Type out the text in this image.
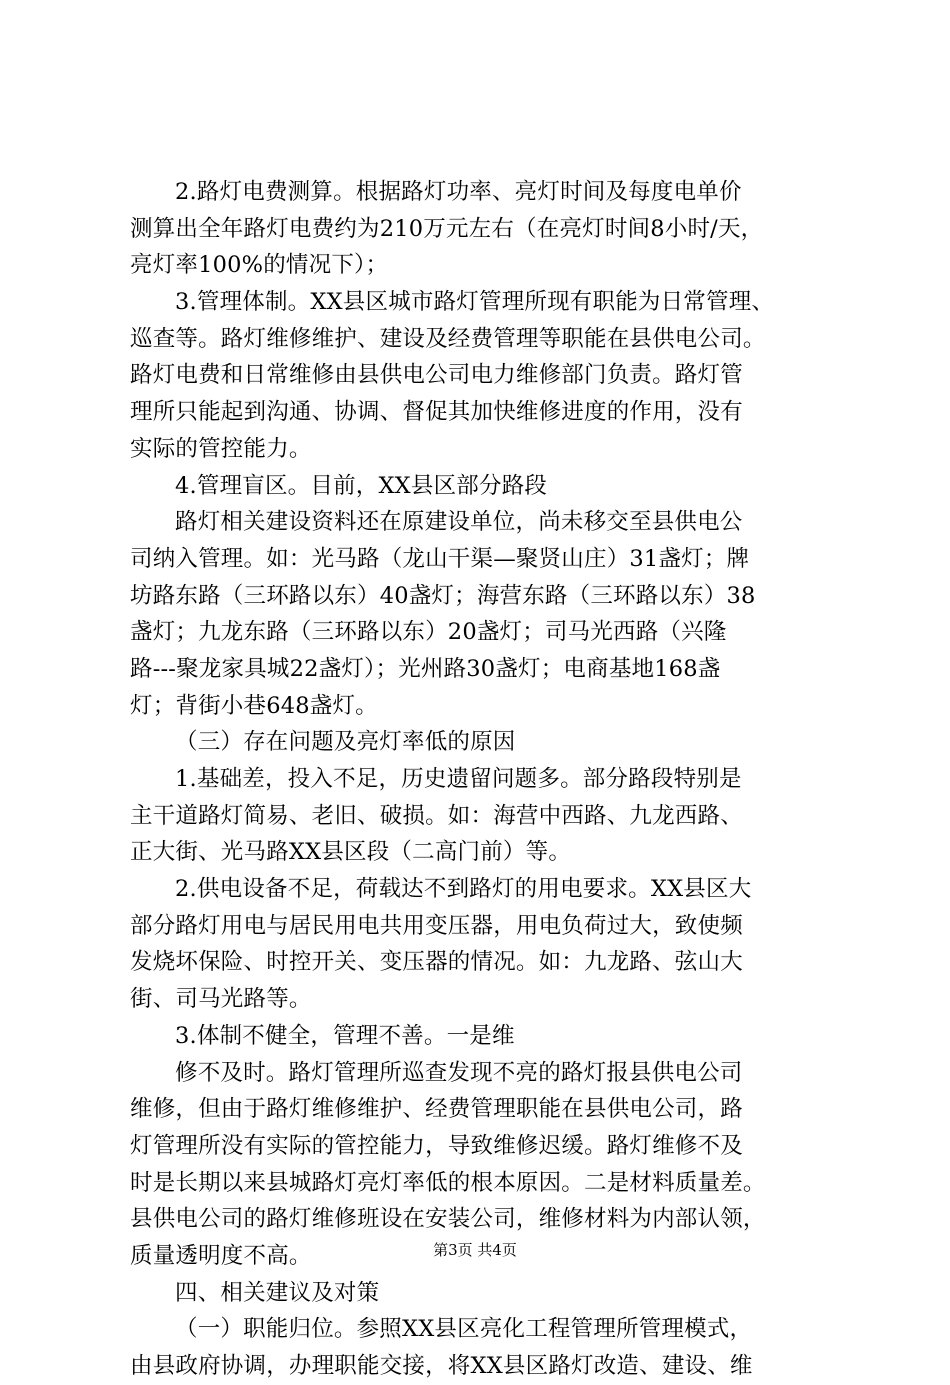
2.路灯电费测算。根据路灯功率、亮灯时间及每度电单价
测算出全年路灯电费约为210万元左右（在亮灯时间8小时/天，
亮灯率100%的情况下）；
3.管理体制。XX县区城市路灯管理所现有职能为日常管理、
巡查等。路灯维修维护、建设及经费管理等职能在县供电公司。
路灯电费和日常维修由县供电公司电力维修部门负责。路灯管
理所只能起到沟通、协调、督促其加快维修进度的作用，没有
实际的管控能力。
4.管理盲区。目前，XX县区部分路段
路灯相关建设资料还在原建设单位，尚未移交至县供电公
司纳入管理。如：光马路（龙山干渠—聚贤山庄）31盏灯；牌
坊路东路（三环路以东）40盏灯；海营东路（三环路以东）38
盏灯；九龙东路（三环路以东）20盏灯；司马光西路（兴隆
路---聚龙家具城22盏灯）；光州路30盏灯；电商基地168盏
灯；背街小巷648盏灯。
（三）存在问题及亮灯率低的原因
1.基础差，投入不足，历史遗留问题多。部分路段特别是
主干道路灯简易、老旧、破损。如：海营中西路、九龙西路、
正大街、光马路XX县区段（二高门前）等。
2.供电设备不足，荷载达不到路灯的用电要求。XX县区大
部分路灯用电与居民用电共用变压器，用电负荷过大，致使频
发烧坏保险、时控开关、变压器的情况。如：九龙路、弦山大
街、司马光路等。
3.体制不健全，管理不善。一是维
修不及时。路灯管理所巡查发现不亮的路灯报县供电公司
维修，但由于路灯维修维护、经费管理职能在县供电公司，路
灯管理所没有实际的管控能力，导致维修迟缓。路灯维修不及
时是长期以来县城路灯亮灯率低的根本原因。二是材料质量差。
县供电公司的路灯维修班设在安装公司，维修材料为内部认领，
质量透明度不高。
四、相关建议及对策
（一）职能归位。参照XX县区亮化工程管理所管理模式，
由县政府协调，办理职能交接，将XX县区路灯改造、建设、维
第3页 共4页
